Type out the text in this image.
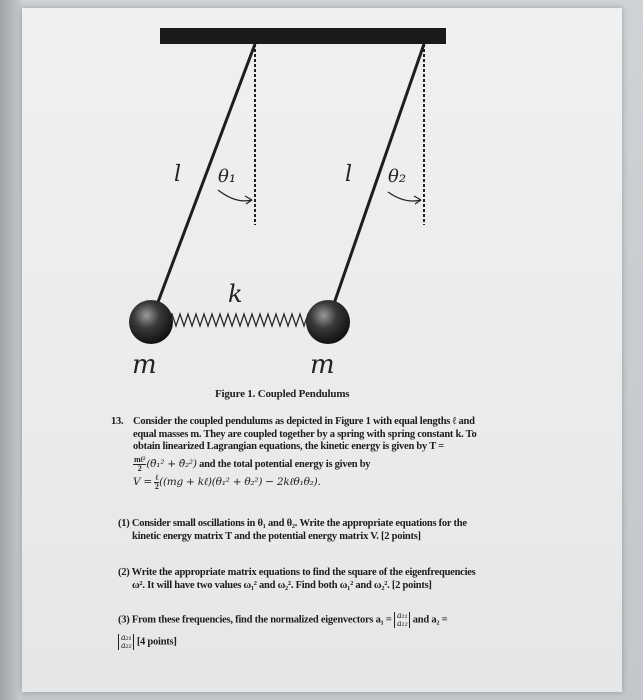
l θ₁	l θ₂
k
m	m
Figure 1. Coupled Pendulums
13. Consider the coupled pendulums as depicted in Figure 1 with equal lengths ℓ and
equal masses m. They are coupled together by a spring with spring constant k. To
obtain linearized Lagrangian equations, the kinetic energy is given by T =
$\frac{\text{mℓ²}}{2}$ (θ̇₁² + θ̇₂²) and the total potential energy is given by
$V = \frac{\text{ℓ}}{2} ((mg$ + kℓ)(θ₁² + θ₂²) − 2kℓθ₁θ₂).
(1) Consider small oscillations in θ₁ and θ₂. Write the appropriate equations for the
kinetic energy matrix T and the potential energy matrix V. [2 points]
(2) Write the appropriate matrix equations to find the square of the eigenfrequencies
ω². It will have two values ω₁² and ω₂². Find both ω₁² and ω₂². [2 points]
(3) From these frequencies, find the normalized eigenvectors a₁ = a₁₁
a₁₂ and a₂ =
a₂₁
a₂₂ [4 points]
